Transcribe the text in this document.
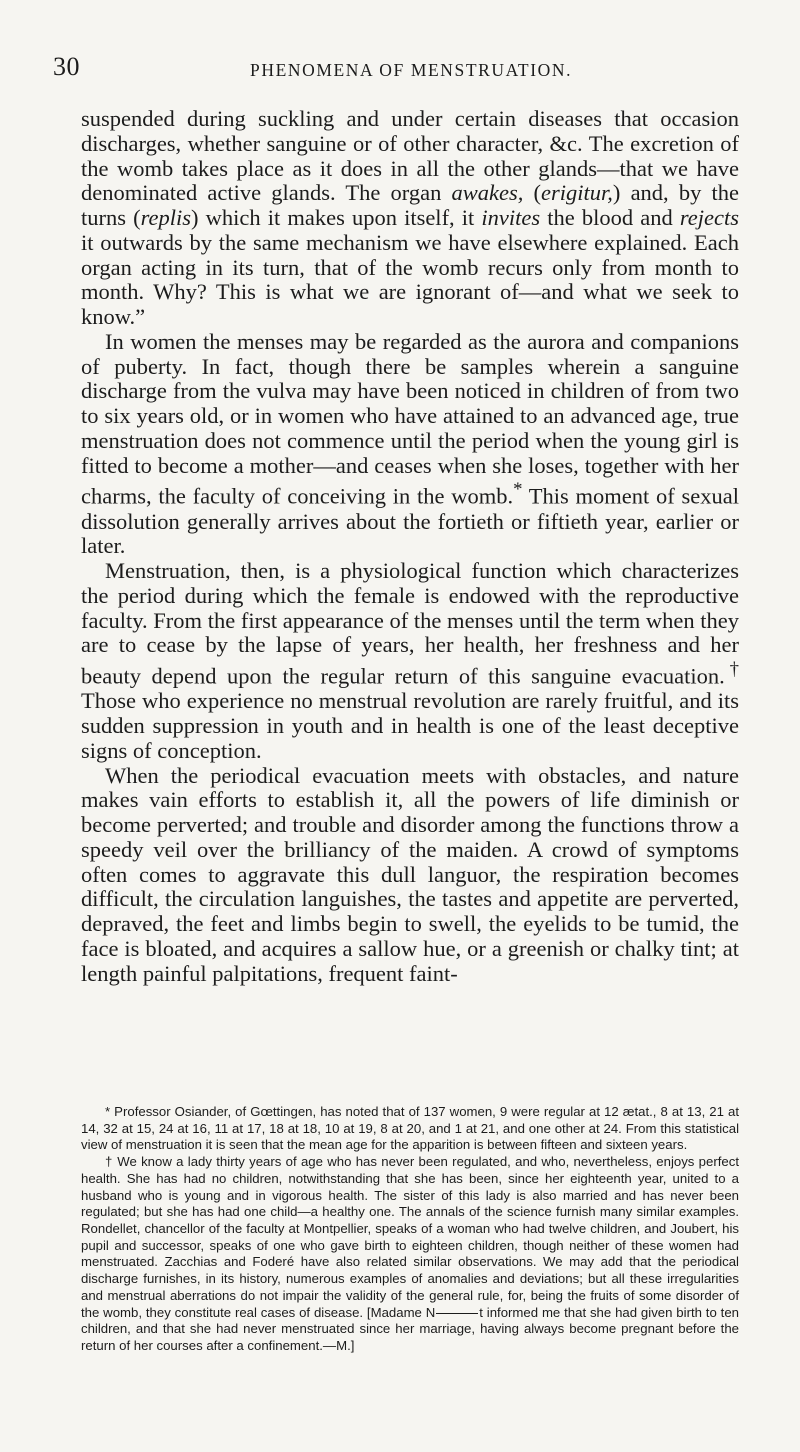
30	PHENOMENA OF MENSTRUATION.

suspended during suckling and under certain diseases that occasion discharges, whether sanguine or of other character, &c. The excretion of the womb takes place as it does in all the other glands—that we have denominated active glands. The organ awakes, (erigitur,) and, by the turns (replis) which it makes upon itself, it invites the blood and rejects it outwards by the same mechanism we have elsewhere explained. Each organ acting in its turn, that of the womb recurs only from month to month. Why? This is what we are ignorant of—and what we seek to know.”

In women the menses may be regarded as the aurora and companions of puberty. In fact, though there be samples wherein a sanguine discharge from the vulva may have been noticed in children of from two to six years old, or in women who have attained to an advanced age, true menstruation does not commence until the period when the young girl is fitted to become a mother—and ceases when she loses, together with her charms, the faculty of conceiving in the womb.* This moment of sexual dissolution generally arrives about the fortieth or fiftieth year, earlier or later.

Menstruation, then, is a physiological function which characterizes the period during which the female is endowed with the reproductive faculty. From the first appearance of the menses until the term when they are to cease by the lapse of years, her health, her freshness and her beauty depend upon the regular return of this sanguine evacuation.† Those who experience no menstrual revolution are rarely fruitful, and its sudden suppression in youth and in health is one of the least deceptive signs of conception.

When the periodical evacuation meets with obstacles, and nature makes vain efforts to establish it, all the powers of life diminish or become perverted; and trouble and disorder among the functions throw a speedy veil over the brilliancy of the maiden. A crowd of symptoms often comes to aggravate this dull languor, the respiration becomes difficult, the circulation languishes, the tastes and appetite are perverted, depraved, the feet and limbs begin to swell, the eyelids to be tumid, the face is bloated, and acquires a sallow hue, or a greenish or chalky tint; at length painful palpitations, frequent faint-

* Professor Osiander, of Gœttingen, has noted that of 137 women, 9 were regular at 12 ætat., 8 at 13, 21 at 14, 32 at 15, 24 at 16, 11 at 17, 18 at 18, 10 at 19, 8 at 20, and 1 at 21, and one other at 24. From this statistical view of menstruation it is seen that the mean age for the apparition is between fifteen and sixteen years.

† We know a lady thirty years of age who has never been regulated, and who, nevertheless, enjoys perfect health. She has had no children, notwithstanding that she has been, since her eighteenth year, united to a husband who is young and in vigorous health. The sister of this lady is also married and has never been regulated; but she has had one child—a healthy one. The annals of the science furnish many similar examples. Rondellet, chancellor of the faculty at Montpellier, speaks of a woman who had twelve children, and Joubert, his pupil and successor, speaks of one who gave birth to eighteen children, though neither of these women had menstruated. Zacchias and Foderé have also related similar observations. We may add that the periodical discharge furnishes, in its history, numerous examples of anomalies and deviations; but all these irregularities and menstrual aberrations do not impair the validity of the general rule, for, being the fruits of some disorder of the womb, they constitute real cases of disease. [Madame N	t informed me that she had given birth to ten children, and that she had never menstruated since her marriage, having always become pregnant before the return of her courses after a confinement.—M.]
